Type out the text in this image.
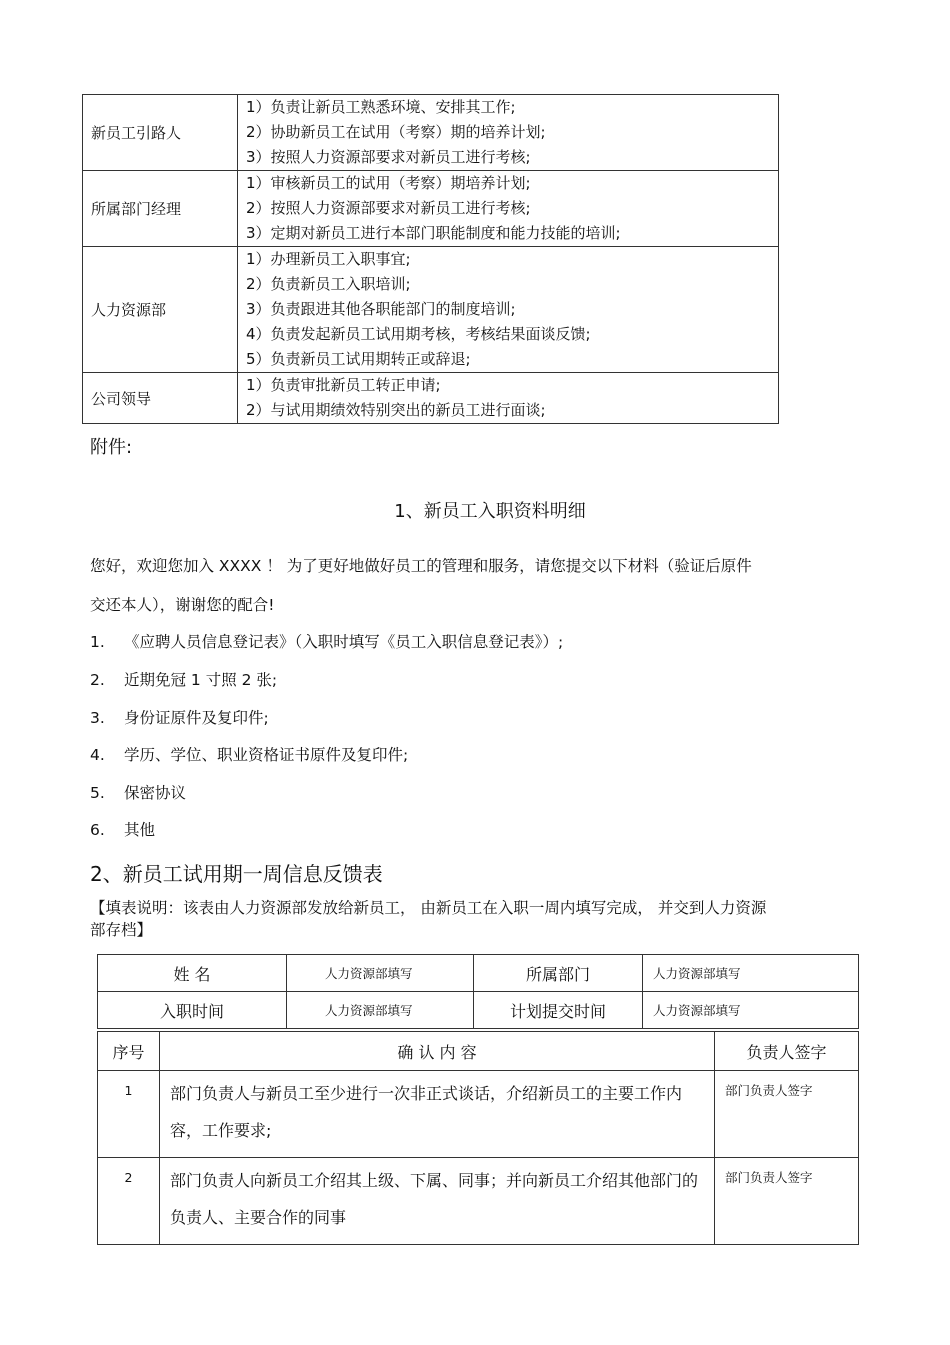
新员工引路人	1）负责让新员工熟悉环境、安排其工作;
2）协助新员工在试用（考察）期的培养计划;
3）按照人力资源部要求对新员工进行考核;

所属部门经理	1）审核新员工的试用（考察）期培养计划;
2）按照人力资源部要求对新员工进行考核;
3）定期对新员工进行本部门职能制度和能力技能的培训;

人力资源部	1）办理新员工入职事宜;
2）负责新员工入职培训;
3）负责跟进其他各职能部门的制度培训;
4）负责发起新员工试用期考核，考核结果面谈反馈;
5）负责新员工试用期转正或辞退;

公司领导	1）负责审批新员工转正申请;
2）与试用期绩效特别突出的新员工进行面谈;
附件:
1、新员工入职资料明细
您好，欢迎您加入 XXXX ！ 为了更好地做好员工的管理和服务，请您提交以下材料（验证后原件
交还本人），谢谢您的配合!
1. 《应聘人员信息登记表》（入职时填写《员工入职信息登记表》）;
2. 近期免冠 1 寸照 2 张;
3. 身份证原件及复印件;
4. 学历、学位、职业资格证书原件及复印件;
5. 保密协议
6. 其他
2、新员工试用期一周信息反馈表
【填表说明：该表由人力资源部发放给新员工， 由新员工在入职一周内填写完成， 并交到人力资源
部存档】
姓 名	人力资源部填写	所属部门	人力资源部填写
入职时间	人力资源部填写	计划提交时间	人力资源部填写
序号	确 认 内 容	负责人签字
1	部门负责人与新员工至少进行一次非正式谈话，介绍新员工的主要工作内容，工作要求;	部门负责人签字
2	部门负责人向新员工介绍其上级、下属、同事；并向新员工介绍其他部门的负责人、主要合作的同事	部门负责人签字
